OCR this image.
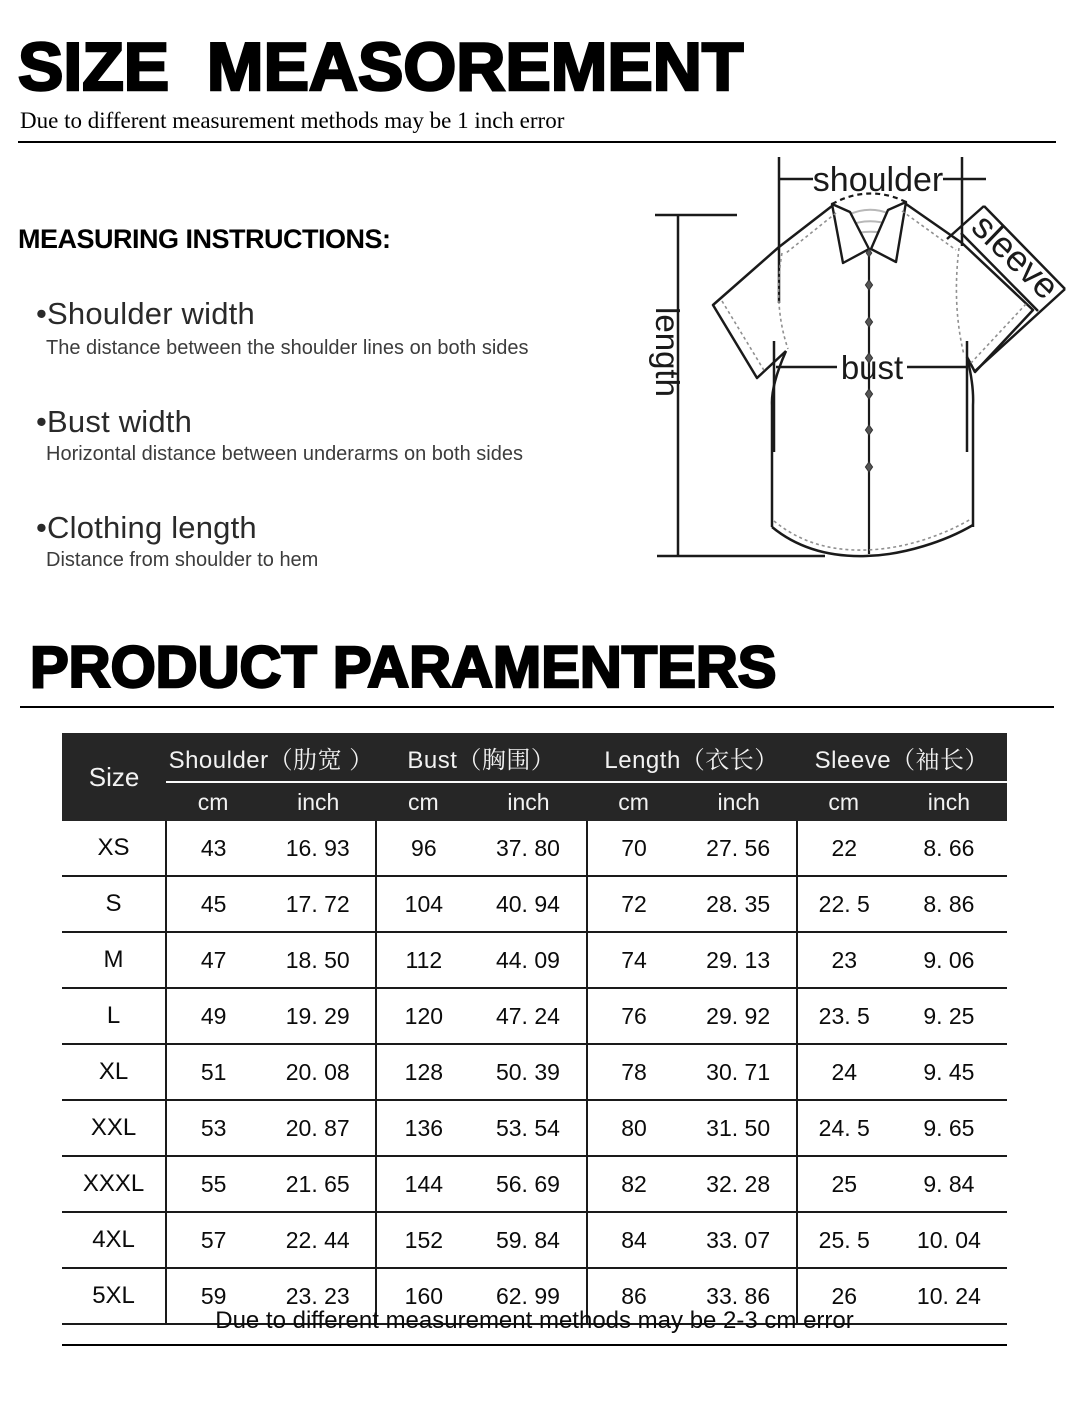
SIZE  MEASOREMENT
Due to different measurement methods may be 1 inch error
MEASURING INSTRUCTIONS:
•Shoulder width
The distance between the shoulder lines on both sides
•Bust width
Horizontal distance between underarms on both sides
•Clothing length
Distance from shoulder to hem
shoulder
length	bust
sleeve
PRODUCT PARAMENTERS
Size	Shoulder（肋宽 ）		Bust（胸围）		Length（衣长）		Sleeve（袖长）	
	cm	inch	cm	inch	cm	inch	cm	inch
XS	43	16. 93	96	37. 80	70	27. 56	22	8. 66
S	45	17. 72	104	40. 94	72	28. 35	22. 5	8. 86
M	47	18. 50	112	44. 09	74	29. 13	23	9. 06
L	49	19. 29	120	47. 24	76	29. 92	23. 5	9. 25
XL	51	20. 08	128	50. 39	78	30. 71	24	9. 45
XXL	53	20. 87	136	53. 54	80	31. 50	24. 5	9. 65
XXXL	55	21. 65	144	56. 69	82	32. 28	25	9. 84
4XL	57	22. 44	152	59. 84	84	33. 07	25. 5	10. 04
5XL	59	23. 23	160	62. 99	86	33. 86	26	10. 24
Due to different measurement methods may be 2-3 cm error
